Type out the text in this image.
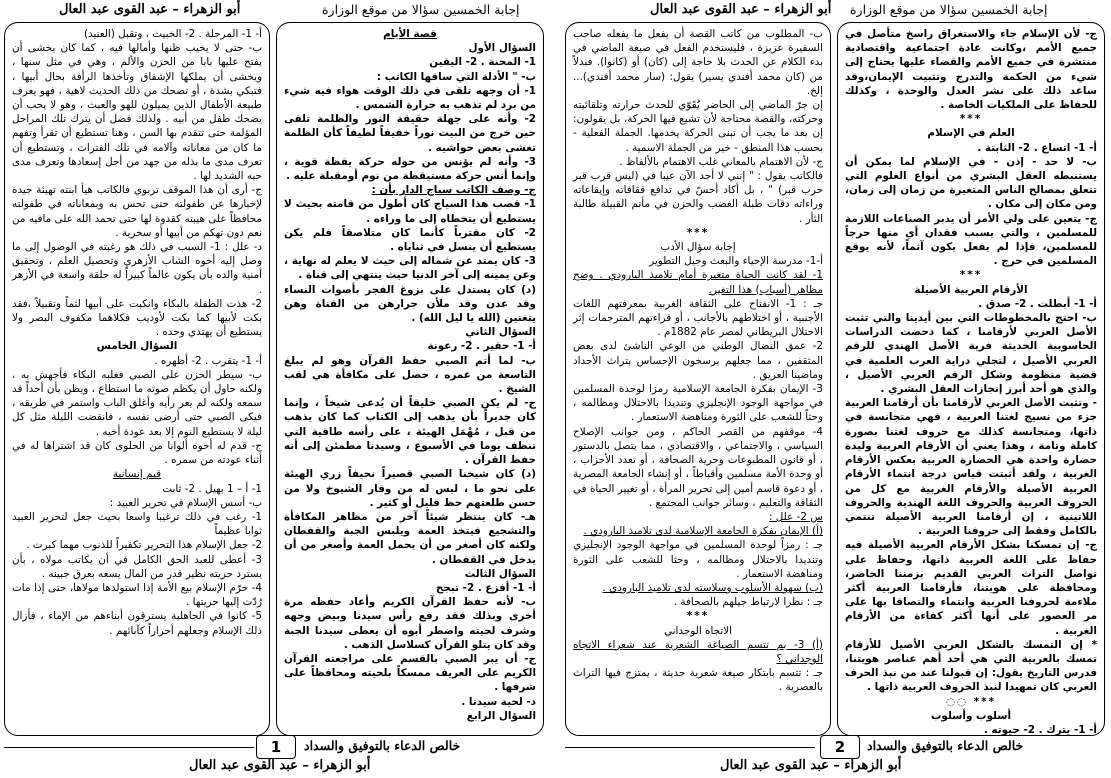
أبو الزهراء – عبد القوى عبد العال	إجابة الخمسين سؤالا من موقع الوزارة

أ- 1- المرحلة . 2- الخبيث ، وتقبل (العنيد)

ب- حتى لا يخيب ظنها وأمالها فيه ، كما كان يخشى أن يفتح عليها بابا من الحزن والألم ، وهي في مثل سنها ، ويخشى أن يملكها الإشفاق وتأخذها الرأفة بحال أبيها ، فتبكي بشدة ، أو تضحك من ذلك الحديث لاهية ، فهو يعرف طبيعة الأطفال الذين يميلون للهو والعبث ، وهو لا يحب أن يضحك طفل من أبيه . ولذلك فضل أن يترك تلك المراحل المؤلمة حتى تتقدم بها السن ، وهنا تستطيع أن تقرأ وتفهم ما كان من معاناته وآلامه في تلك الفترات ، وتستطيع أن تعرف مدى ما بذله من جهد من أجل إسعادها وتعرف مدى حبه الشديد لها .

ج- أرى أن هذا الموقف تربوي فالكاتب هيأ ابنته تهيئة جيدة لإخبارها عن طفولته حتى تحس به وبمعاناته في طفولته محافظاً على هيبته كقدوة لها حتى تحمد الله على مافيه من نعم دون تهكم من أبيها أو سخرية .

د- علل : 1- السبب في ذلك هو رغبته في الوصول إلى ما وصل إليه أخوه الشاب الأزهري وتحصيل العلم ، وتحقيق أمنية والده بأن يكون عالماً كبيراً له حلقة واسعة في الأزهر .

2- هذت الطفلة بالبكاء وانكبت على أبيها لثماً وتقبيلاً ،فقد بكت لأبيها كما بكت لأوديب فكلاهما مكفوف البصر ولا يستطيع أن يهتدي وحده .

السؤال الخامس

أ- 1- يتقرب . 2- أظهره .

ب- سيطر الحزن على الصبي فغلبه البكاء فأجهش به ، ولكنه حاول أن يكظم صوته ما استطاع ، ويظن بأن أحداً قد سمعه ولكنه لم يعر رأيه وأغلق الباب واستمر في طريقه ، فيكى الصبي حتى أرضى نفسه ، فانقضت الليلة مثل كل ليلة لا يستطيع النوم إلا بعد عودة أخيه .

ج- قدم له أخوه ألوانا من الحلوى كان قد اشتراها له في أثناء عودته من سمره .

قيم إنسانية

1- أ – 1 بهيل . 2- ثابت

ب- أسس الإسلام في تحرير العبيد :

1- رغب في ذلك ترغيبا واسعا بحيث جعل لتحرير العبيد ثوابا عظيماً

2- جعل الإسلام هذا التحرير تكفيراً للذنوب مهما كبرت .

3- أعطى للعبد الحق الكامل في أن يكاتب مولاه ، بأن يسترد حريته نظير قدر من المال يسعه بعرق جبينه .

4- حرّم الإسلام بيع الأمة إذا استولدها مولاها، حتى إذا مات رُدّت إليها حريتها .

5- كانوا في الجاهلية يسترقون أبناءهم من الإماء ، فأزال ذلك الإسلام وجعلهم أحراراً كآبائهم .

قصة الأيام

السؤال الأول

1- المحنة . 2- اليقين

ب- " الأدلة التي ساقها الكاتب :

1- أن وجهه تلقى في ذلك الوقت هواء فيه شيء من برد لم تذهب به حرارة الشمس .

2- وأنه على جهلة حقيقة النور والظلمة تلقى حين خرج من البيت نوراً خفيفاً لطيفاً كأن الظلمة تغشى بعض حواشيه .

3- وأنه لم يؤنس من حوله حركة يقظة قوية ، وإنما أنس حركة مستيقظة من نوم أومقبلة عليه .

ج- وصف الكاتب سياج الدار بأن :

1- قصب هذا السياج كان أطول من قامته بحيث لا يستطيع أن يتخطاه إلى ما وراءه .

2- كان مقترباً كأنما كان متلاصقاً فلم يكن يستطيع أن ينسل في ثناياه .

3- كان يمتد عن شماله إلى حيث لا يعلم له نهاية ، وعن يمينه إلى آخر الدنيا حيث ينتهي إلى قناة .

(د) كان يستدل على بزوغ الفجر بأصوات النساء وقد عدن وقد ملأن جرارهن من القناة وهن يتغنين (الله يا ليل الله) .

السؤال الثاني

أ- 1- حقير . 2- رعونة

ب- لما أتم الصبي حفظ القرآن وهو لم يبلغ التاسعة من عمره ، حصل على مكافأة هي لقب الشيخ .

ج- لم يكن الصبي خليقاً أن يُدعى شيخاً ، وإنما كان جديراً بأن يذهب إلى الكتاب كما كان يذهب من قبل ، مُهْمَل الهيئة ، على رأسه طاقية التي تنظف يوما في الأسبوع ، وسيدنا مطمئن إلى أنه حفظ القرآن .

(د) كان شيخنا الصبي قصيراً نحيفاً زري الهيئة على نحو ما ، ليس له من وقار الشيوخ ولا من حسن طلعتهم حظ قليل أو كثير .

هـ- كان ينتظر شيئاً آخر من مظاهر المكافأة والتشجيع فيتخذ العمة ويلبس الجبة والقفطان ولكنه كان أصغر من أن يحمل العمة وأصغر من أن يدخل في القفطان .

السؤال الثالث

أ- 1- أفزع . 2- تبجح

ب- لأنه حفظ القرآن الكريم وأعاد حفظه مرة أخرى وبذلك فقد رفع رأس سيدنا وبيض وجهه وشرف لحيته واضطر أبوه أن يعطى سيدنا الجبة وقد كان يتلو القرآن كسلاسل الذهب .

ج- أن يبر الصبي بالقسم على مراجعته القرآن الكريم على العريف ممسكاً بلحيته ومحافظاً على شرفها .

د- لحية سيدنا .

السؤال الرابع

1	خالص الدعاء بالتوفيق والسداد
أبو الزهراء – عبد القوى عبد العال
أبو الزهراء – عبد القوى عبد العال إجابة الخمسين سؤالا من موقع الوزارة

ب- المطلوب من كاتب القصة أن يفعل ما يفعله صاحب السفيرة عزيزة ، فليستخدم الفعل في صيغة الماضي في بدء الكلام عن الحدث بلا حاجة إلى (كان) أو (كانوا). فبدلاً من (كان محمد أفندي يسير) يقول: (سار محمد أفندي)... إلخ.

إن جرّ الماضي إلى الحاضر يُقَوّي للحدث حرارته وتلقائيته وحركته، والقصة محتاجة لأن تشيع فيها الحركة، بل يقولون: إن بعد ما يجب أن تبنى الحركة يخدمها. الجملة الفعلية - بحسب هذا المنطق - خير من الجملة الاسمية .

ج- لأن الاهتمام بالمعاني غلب الاهتمام بالألفاظ .

فالكاتب يقول : " إنني لا أجد الآن عيبا في (ليس قرب قبر حرب قبر) " ، بل أكاد أحسّ في تدافع ققافاته وإيقاعاته وراءاته دقات طبلة الغضب والحزن في مأتم القبيلة طالبة الثأر .

***

إجابة سؤال الأدب

أ-1- مدرسة الإحياء والبعث وجيل التطوير

1- لقد كانت الحياة متغيرة أمام تلاميذ البارودي . وضح مظاهر (أسباب) هذا التغير.

جـ : 1- الانفتاح على الثقافة الغربية بمعرفتهم اللغات الأجنبية ، أو اختلاطهم بالأجانب ، أو قراءتهم المترجمات إثر الاحتلال البريطاني لمصر عام 1882م .

2- عمق النضال الوطني من الوعي الناشئ لدى بعض المثقفين ، مما جعلهم يرسخون الإحساس بتراث الأجداد وماضينا العريق .

3- الإيمان بفكرة الجامعة الإسلامية رمزا لوحدة المسلمين في مواجهة الوجود الإنجليزي وتنديدا بالاحتلال ومظالمه ، وحثاً للشعب على الثورة ومناهضة الاستعمار .

4- موقفهم من القصر الحاكم ، ومن جوانب الإصلاح السياسي ، والاجتماعي ، والاقتصادي ، مما يتصل بالدستور ، أو قانون المطبوعات وحرية الصحافة ، أو تعدد الأحزاب ، أو وحدة الأمة مسلمين وأقباطاً ، أو إنشاء الجامعة المصرية ، أو دعوة قاسم أمين إلى تحرير المرأة ، أو تغيير الحياة في الثقافة والتعليم ، وسائر جوانب المجتمع .

س 2- علل :

(أ) الإيمان بفكرة الجامعة الإسلامية لدى تلاميذ البارودي .

جـ : رمزاً لوحدة المسلمين في مواجهة الوجود الإنجليزي وتنديدا بالاحتلال ومظالمه ، وحثا للشعب على الثورة ومناهضة الاستعمار .

(ب) سهولة الأسلوب وسلاسته لدى تلاميذ البارودي .

جـ : نظرا لارتباط جيلهم بالصحافة .

***

الاتجاه الوجداني

(أ) 3- بم تتسم الصياغة الشعرية عند شعراء الاتجاه الوجداني ؟

جـ : تتسم بابتكار صيغة شعرية حديثة ، يمتزج فيها التراث بالعصرية .

ج- لأن الإسلام جاء والاستغراق راسخ متأصل في جميع الأمم ،وكانت عادة اجتماعية واقتصادية منتشرة في جميع الأمم والقضاء عليها يحتاج إلى شيء من الحكمة والتدرج وتثبيت الإيمان،وقد ساعد ذلك على نشر العدل والوحدة ، وكذلك للحفاظ على الملكيات الخاصة .

***

العلم في الإسلام

أ- 1- اتساع . 2- الثابتة .

ب- لا حد - إذن - في الإسلام لما يمكن أن يستنبطه العقل البشري من أنواع العلوم التي تتعلق بمصالح الناس المتغيرة من زمان إلى زمان، ومن مكان إلى مكان .

ج- يتعين على ولي الأمر أن يدبر الصناعات اللازمة للمسلمين ، والتي يسبب فقدان أي منها حرجاً للمسلمين، فإذا لم يفعل يكون آثماً، لأنه يوقع المسلمين في حرج .

***

الأرقام العربية الأصيلة

أ- 1- أبطلت . 2- صدق .

ب- احتج بالمخطوطات التي بين أيدينا والتي تثبت الأصل العربي لأرقامنا ، كما دحضت الدراسات الحاسوبية الحديثة فرية الأصل الهندي للرقم العربي الأصيل ، لتجلي دراية العرب العلمية في قضية منظومة وشكل الرقم العربي الأصيل ، والذي هو أحد أبرز إنجازات العقل البشري .

- وتثبت الأصل العربي لأرقامنا بأن أرقامنا العربية جزء من نسيج لغتنا العربية ، فهي متجانسة في ذاتها، ومتجانسة كذلك مع حروف لغتنا بصورة كاملة وتامة ، وهذا يعني أن الأرقام العربية وليدة حضارة واحدة هي الحضارة العربية بعكس الأرقام الغربية ، ولقد أثبتت قياس درجة انتماء الأرقام العربية الأصيلة والأرقام الغربية مع كل من الحروف العربية والحروف اللغة الهندية والحروف اللاتينية ، إن أرقامنا العربية الأصيلة تنتمي بالكامل وفقط إلى حروفنا العربية .

ج- إن تمسكنا بشكل الأرقام العربية الأصيلة فيه حفاظ على اللغة العربية ذاتها، وحفاظ على تواصل التراث العربي القديم بزمننا الحاضر، ومحافظة على هويتنا، فأرقامنا العربية أكثر ملاءمة لحروفنا العربية وانتماء والتصاقا بها على مر العصور على أنها أكثر كفاءة من الأرقام الغربية .

* إن التمسك بالشكل العربي الأصيل للأرقام تمسك بالعربية التي هي أحد أهم عناصر هويتنا، فدرس التاريخ يقول: إن قبولنا عند من نبذ الحرف العربي كان تمهيدا لنبذ الحروف العربية ذاتها .

*** ◌◌

أسلوب وأسلوب

أ- 1- يترك . 2- حيوته .

2	خالص الدعاء بالتوفيق والسداد
أبو الزهراء – عبد القوى عبد العال
